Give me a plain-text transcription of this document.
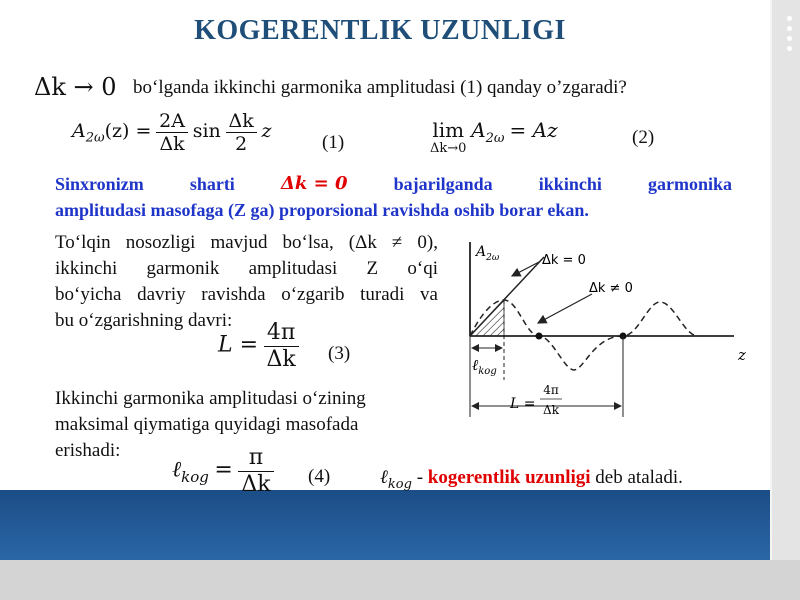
KOGERENTLIK UZUNLIGI
Δk → 0 bo‘lganda ikkinchi garmonika amplitudasi (1) qanday o’zgaradi?
$A_{2\omega}(z) = \frac{2A}{\Delta k}$ $\sin \frac{\Delta k}{2}$ z
(1)
lim
Δk→0
$A_{2\omega} = Az$	(2)
Sinxronizm	sharti	Δk = 0	bajarilganda	ikkinchi	garmonika
amplitudasi masofaga (Z ga) proporsional ravishda oshib borar ekan.
To‘lqin nosozligi mavjud bo‘lsa, (Δk ≠ 0),
ikkinchi garmonik amplitudasi Z o‘qi
bo‘yicha davriy ravishda o‘zgarib turadi va
bu o‘zgarishning davri:
$L = \frac{4\pi}{\Delta k} (3)$
Ikkinchi garmonika amplitudasi o‘zining
maksimal qiymatiga quyidagi masofada
erishadi:
ℓ$_{kog}$ = $\frac{\pi}{\Delta k} (4)$	ℓ$_{kog}$ - kogerentlik uzunligi deb ataladi.
$A_{2\omega}$	Δk = 0
Δk ≠ 0
z
ℓ$_{kog}$
L =
4π
Δk
